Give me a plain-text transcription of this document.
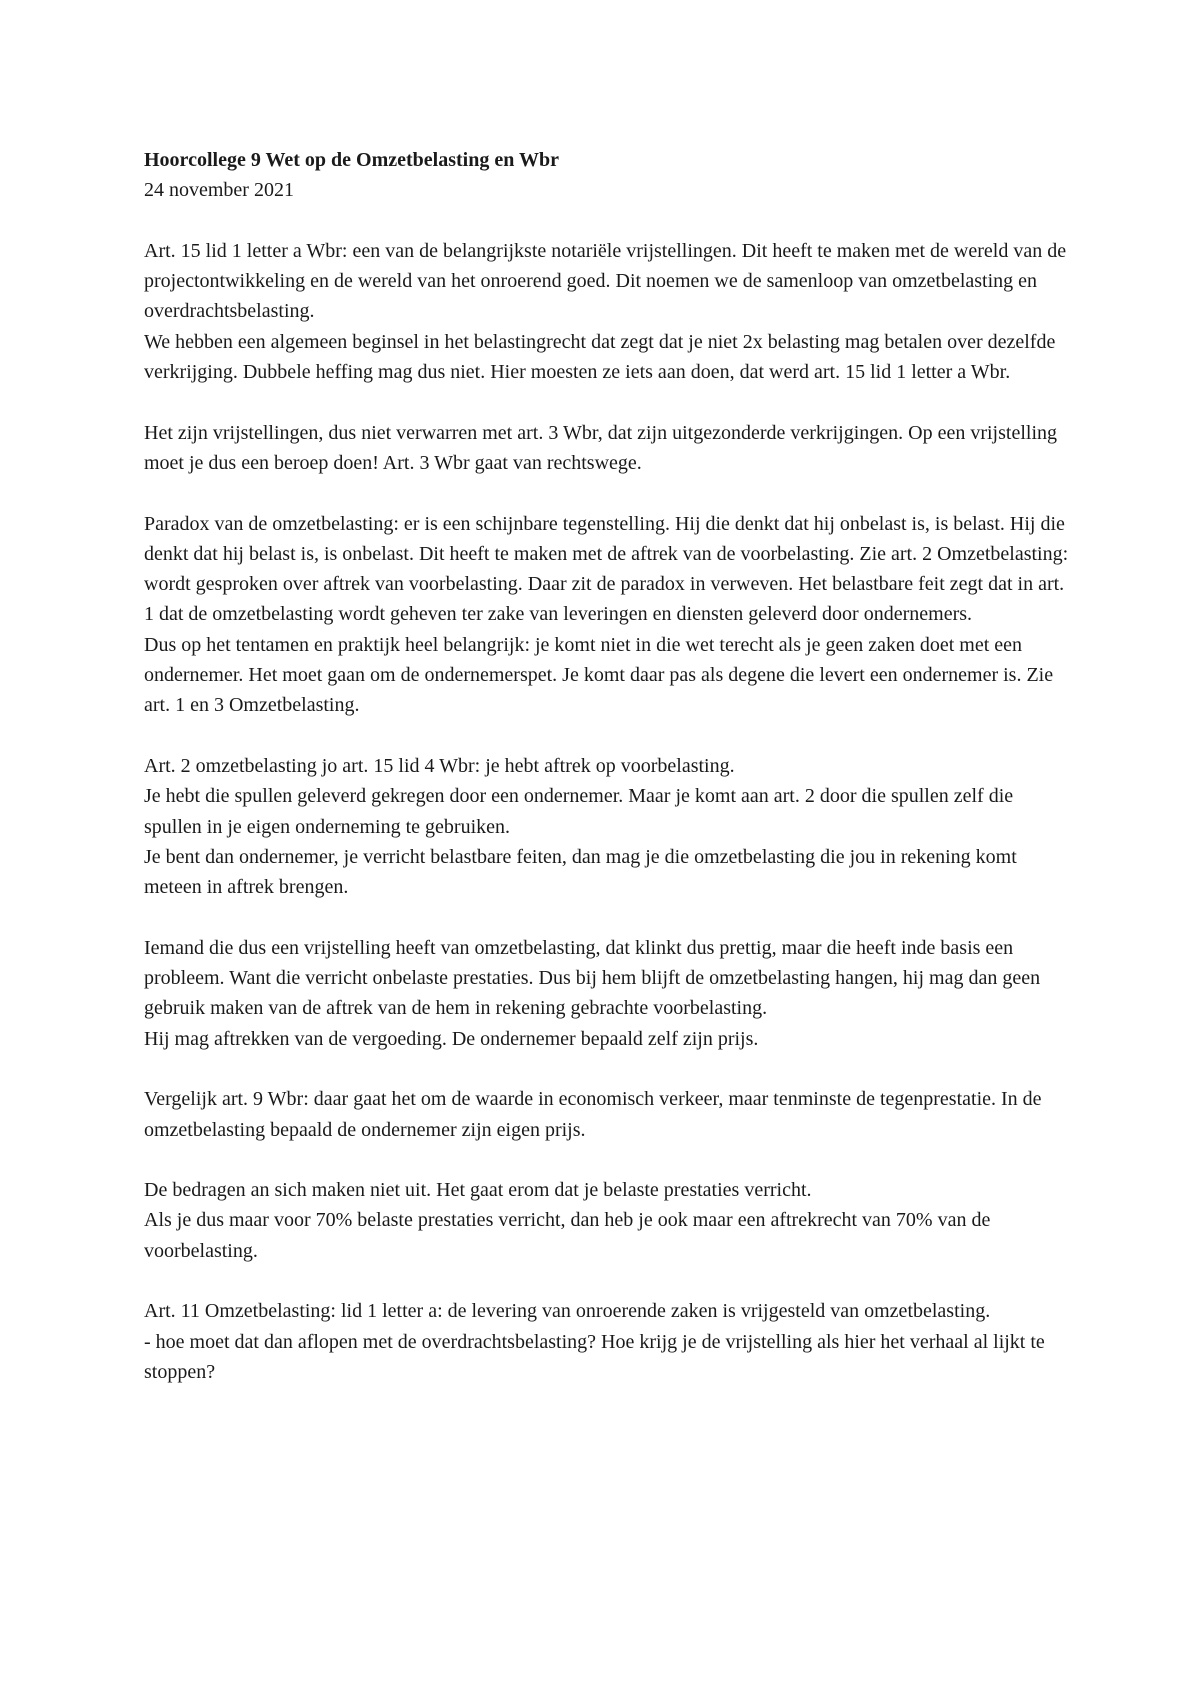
Hoorcollege 9 Wet op de Omzetbelasting en Wbr

24 november 2021

Art. 15 lid 1 letter a Wbr: een van de belangrijkste notariële vrijstellingen. Dit heeft te maken met de wereld van de projectontwikkeling en de wereld van het onroerend goed. Dit noemen we de samenloop van omzetbelasting en overdrachtsbelasting.
We hebben een algemeen beginsel in het belastingrecht dat zegt dat je niet 2x belasting mag betalen over dezelfde verkrijging. Dubbele heffing mag dus niet. Hier moesten ze iets aan doen, dat werd art. 15 lid 1 letter a Wbr.
Het zijn vrijstellingen, dus niet verwarren met art. 3 Wbr, dat zijn uitgezonderde verkrijgingen. Op een vrijstelling moet je dus een beroep doen! Art. 3 Wbr gaat van rechtswege.
Paradox van de omzetbelasting: er is een schijnbare tegenstelling. Hij die denkt dat hij onbelast is, is belast. Hij die denkt dat hij belast is, is onbelast. Dit heeft te maken met de aftrek van de voorbelasting. Zie art. 2 Omzetbelasting: wordt gesproken over aftrek van voorbelasting. Daar zit de paradox in verweven. Het belastbare feit zegt dat in art. 1 dat de omzetbelasting wordt geheven ter zake van leveringen en diensten geleverd door ondernemers.
Dus op het tentamen en praktijk heel belangrijk: je komt niet in die wet terecht als je geen zaken doet met een ondernemer. Het moet gaan om de ondernemerspet. Je komt daar pas als degene die levert een ondernemer is. Zie art. 1 en 3 Omzetbelasting.
Art. 2 omzetbelasting jo art. 15 lid 4 Wbr: je hebt aftrek op voorbelasting.
Je hebt die spullen geleverd gekregen door een ondernemer. Maar je komt aan art. 2 door die spullen zelf die spullen in je eigen onderneming te gebruiken.
Je bent dan ondernemer, je verricht belastbare feiten, dan mag je die omzetbelasting die jou in rekening komt meteen in aftrek brengen.
Iemand die dus een vrijstelling heeft van omzetbelasting, dat klinkt dus prettig, maar die heeft inde basis een probleem. Want die verricht onbelaste prestaties. Dus bij hem blijft de omzetbelasting hangen, hij mag dan geen gebruik maken van de aftrek van de hem in rekening gebrachte voorbelasting.
Hij mag aftrekken van de vergoeding. De ondernemer bepaald zelf zijn prijs.
Vergelijk art. 9 Wbr: daar gaat het om de waarde in economisch verkeer, maar tenminste de tegenprestatie. In de omzetbelasting bepaald de ondernemer zijn eigen prijs.
De bedragen an sich maken niet uit. Het gaat erom dat je belaste prestaties verricht.
Als je dus maar voor 70% belaste prestaties verricht, dan heb je ook maar een aftrekrecht van 70% van de voorbelasting.
Art. 11 Omzetbelasting: lid 1 letter a: de levering van onroerende zaken is vrijgesteld van omzetbelasting.
- hoe moet dat dan aflopen met de overdrachtsbelasting? Hoe krijg je de vrijstelling als hier het verhaal al lijkt te stoppen?
